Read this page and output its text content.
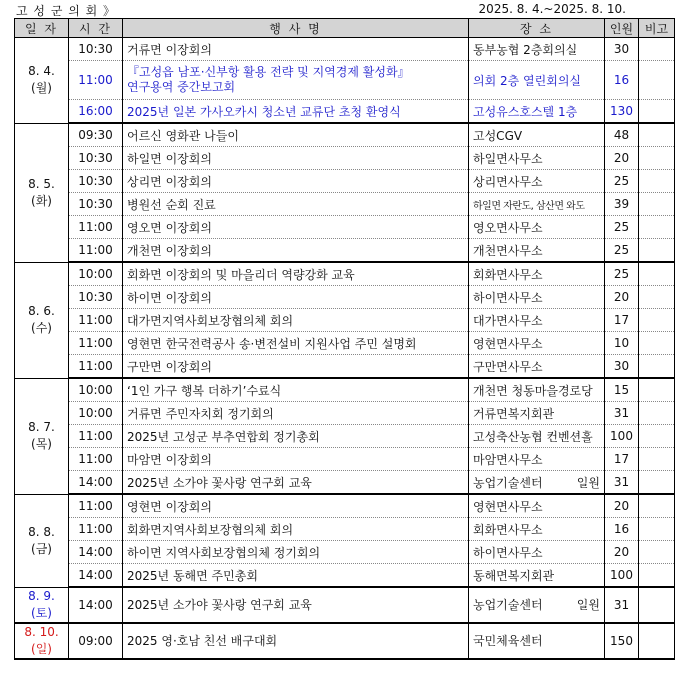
고 성 군 의 회 》	2025. 8. 4.~2025. 8. 10.
일 자	시 간	행 사 명	장 소	인원	비고

8. 4.
(월)	10:30	거류면 이장회의	동부농협 2층회의실	30	
	11:00	『고성읍 남포·신부항 활용 전략 및 지역경제 활성화』
연구용역 중간보고회	의회 2층 열린회의실	16	
	16:00	2025년 일본 가사오카시 청소년 교류단 초청 환영식	고성유스호스텔 1층	130	

8. 5.
(화)	09:30	어르신 영화관 나들이	고성CGV	48	
	10:30	하일면 이장회의	하일면사무소	20	
	10:30	상리면 이장회의	상리면사무소	25	
	10:30	병원선 순회 진료	하일면 자란도, 삼산면 와도	39	
	11:00	영오면 이장회의	영오면사무소	25	
	11:00	개천면 이장회의	개천면사무소	25	

8. 6.
(수)	10:00	회화면 이장회의 및 마을리더 역량강화 교육	회화면사무소	25	
	10:30	하이면 이장회의	하이면사무소	20	
	11:00	대가면지역사회보장협의체 회의	대가면사무소	17	
	11:00	영현면 한국전력공사 송·변전설비 지원사업 주민 설명회	영현면사무소	10	
	11:00	구만면 이장회의	구만면사무소	30	

8. 7.
(목)	10:00	‘1인 가구 행복 더하기’수료식	개천면 청동마을경로당	15	
	10:00	거류면 주민자치회 정기회의	거류면복지회관	31	
	11:00	2025년 고성군 부추연합회 정기총회	고성축산농협 컨벤션홀	100	
	11:00	마암면 이장회의	마암면사무소	17	
	14:00	2025년 소가야 꽃사랑 연구회 교육	농업기술센터 일원	31	

8. 8.
(금)	11:00	영현면 이장회의	영현면사무소	20	
	11:00	회화면지역사회보장협의체 회의	회화면사무소	16	
	14:00	하이면 지역사회보장협의체 정기회의	하이면사무소	20	
	14:00	2025년 동해면 주민총회	동해면복지회관	100	

8. 9.
(토)	14:00	2025년 소가야 꽃사랑 연구회 교육	농업기술센터 일원	31	

8. 10.
(일)	09:00	2025 영·호남 친선 배구대회	국민체육센터	150	
